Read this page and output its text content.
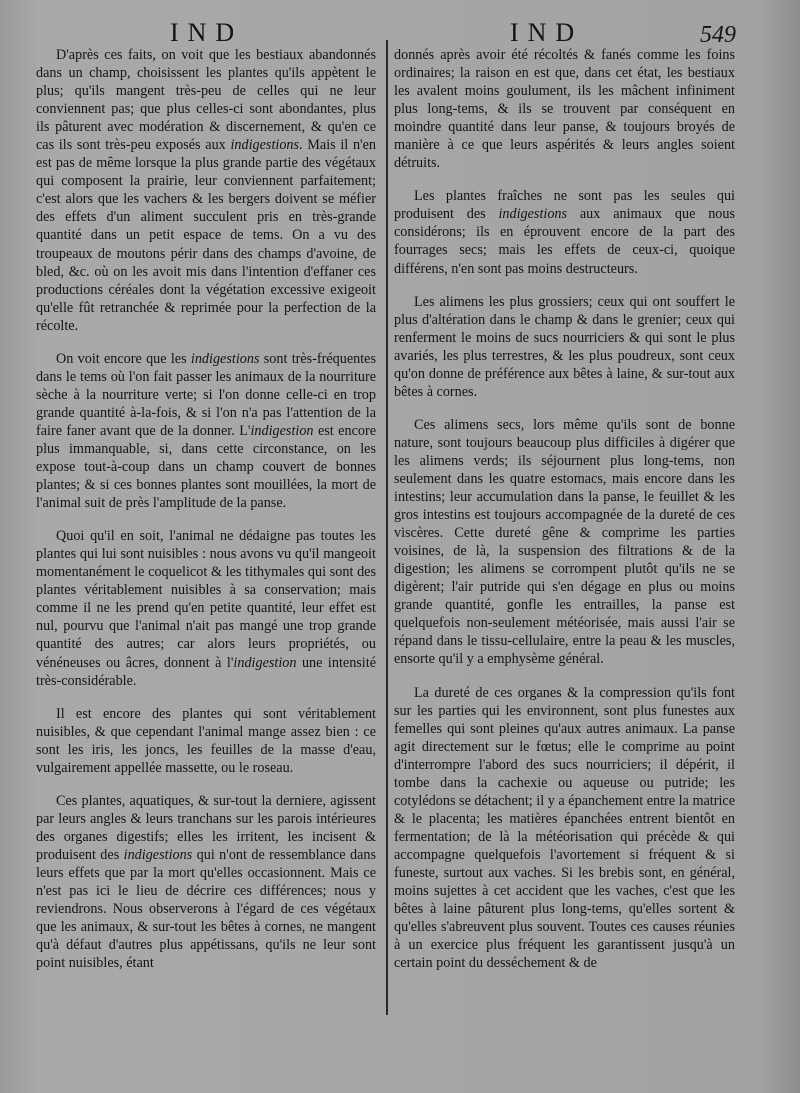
IND	IND	549

D'après ces faits, on voit que les bestiaux abandonnés dans un champ, choisissent les plantes qu'ils appètent le plus; qu'ils mangent très-peu de celles qui ne leur conviennent pas; que plus celles-ci sont abondantes, plus ils pâturent avec modération & discernement, & qu'en ce cas ils sont très-peu exposés aux indigestions. Mais il n'en est pas de même lorsque la plus grande partie des végétaux qui composent la prairie, leur conviennent parfaitement; c'est alors que les vachers & les bergers doivent se méfier des effets d'un aliment succulent pris en très-grande quantité dans un petit espace de tems. On a vu des troupeaux de moutons périr dans des champs d'avoine, de bled, &c. où on les avoit mis dans l'intention d'effaner ces productions céréales dont la végétation excessive exigeoit qu'elle fût retranchée & reprimée pour la perfection de la récolte.

On voit encore que les indigestions sont très-fréquentes dans le tems où l'on fait passer les animaux de la nourriture sèche à la nourriture verte; si l'on donne celle-ci en trop grande quantité à-la-fois, & si l'on n'a pas l'attention de la faire faner avant que de la donner. L'indigestion est encore plus immanquable, si, dans cette circonstance, on les expose tout-à-coup dans un champ couvert de bonnes plantes; & si ces bonnes plantes sont mouillées, la mort de l'animal suit de près l'amplitude de la panse.

Quoi qu'il en soit, l'animal ne dédaigne pas toutes les plantes qui lui sont nuisibles : nous avons vu qu'il mangeoit momentanément le coquelicot & les tithymales qui sont des plantes véritablement nuisibles à sa conservation; mais comme il ne les prend qu'en petite quantité, leur effet est nul, pourvu que l'animal n'ait pas mangé une trop grande quantité des autres; car alors leurs propriétés, ou vénéneuses ou âcres, donnent à l'indigestion une intensité très-considérable.

Il est encore des plantes qui sont véritablement nuisibles, & que cependant l'animal mange assez bien : ce sont les iris, les joncs, les feuilles de la masse d'eau, vulgairement appellée massette, ou le roseau.

Ces plantes, aquatiques, & sur-tout la derniere, agissent par leurs angles & leurs tranchans sur les parois intérieures des organes digestifs; elles les irritent, les incisent & produisent des indigestions qui n'ont de ressemblance dans leurs effets que par la mort qu'elles occasionnent. Mais ce n'est pas ici le lieu de décrire ces différences; nous y reviendrons. Nous observerons à l'égard de ces végétaux que les animaux, & sur-tout les bêtes à cornes, ne mangent qu'à défaut d'autres plus appétissans, qu'ils ne leur sont point nuisibles, étant

donnés après avoir été récoltés & fanés comme les foins ordinaires; la raison en est que, dans cet état, les bestiaux les avalent moins goulument, ils les mâchent infiniment plus long-tems, & ils se trouvent par conséquent en moindre quantité dans leur panse, & toujours broyés de manière à ce que leurs aspérités & leurs angles soient détruits.

Les plantes fraîches ne sont pas les seules qui produisent des indigestions aux animaux que nous considérons; ils en éprouvent encore de la part des fourrages secs; mais les effets de ceux-ci, quoique différens, n'en sont pas moins destructeurs.

Les alimens les plus grossiers; ceux qui ont souffert le plus d'altération dans le champ & dans le grenier; ceux qui renferment le moins de sucs nourriciers & qui sont le plus avariés, les plus terrestres, & les plus poudreux, sont ceux qu'on donne de préférence aux bêtes à laine, & sur-tout aux bêtes à cornes.

Ces alimens secs, lors même qu'ils sont de bonne nature, sont toujours beaucoup plus difficiles à digérer que les alimens verds; ils séjournent plus long-tems, non seulement dans les quatre estomacs, mais encore dans les intestins; leur accumulation dans la panse, le feuillet & les gros intestins est toujours accompagnée de la dureté de ces viscères. Cette dureté gêne & comprime les parties voisines, de là, la suspension des filtrations & de la digestion; les alimens se corrompent plutôt qu'ils ne se digèrent; l'air putride qui s'en dégage en plus ou moins grande quantité, gonfle les entrailles, la panse est quelquefois non-seulement météorisée, mais aussi l'air se répand dans le tissu-cellulaire, entre la peau & les muscles, ensorte qu'il y a emphysème général.

La dureté de ces organes & la compression qu'ils font sur les parties qui les environnent, sont plus funestes aux femelles qui sont pleines qu'aux autres animaux. La panse agit directement sur le fœtus; elle le comprime au point d'interrompre l'abord des sucs nourriciers; il dépérit, il tombe dans la cachexie ou aqueuse ou putride; les cotylédons se détachent; il y a épanchement entre la matrice & le placenta; les matières épanchées entrent bientôt en fermentation; de là la météorisation qui précède & qui accompagne quelquefois l'avortement si fréquent & si funeste, surtout aux vaches. Si les brebis sont, en général, moins sujettes à cet accident que les vaches, c'est que les bêtes à laine pâturent plus long-tems, qu'elles sortent & qu'elles s'abreuvent plus souvent. Toutes ces causes réunies à un exercice plus fréquent les garantissent jusqu'à un certain point du desséchement & de
